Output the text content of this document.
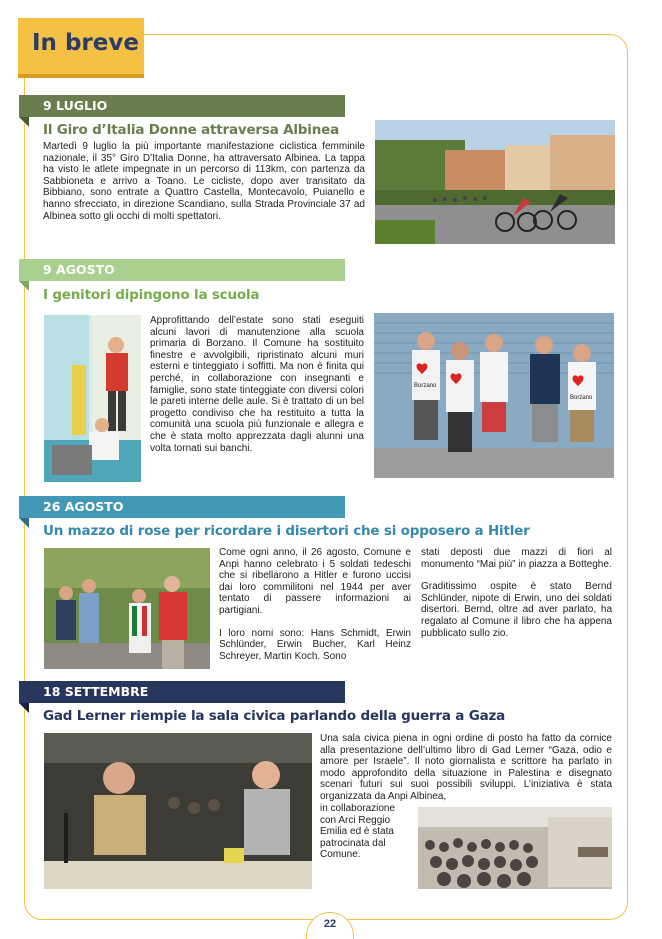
In breve
9 LUGLIO
Il Giro d’Italia Donne attraversa Albinea

Martedì 9 luglio la più importante manifestazione ciclistica femminile nazionale, il 35° Giro D’Italia Donne, ha attraversato Albinea. La tappa ha visto le atlete impegnate in un percorso di 113km, con partenza da Sabbioneta e arrivo a Toano. Le cicliste, dopo aver transitato da Bibbiano, sono entrate a Quattro Castella, Montecavolo, Puianello e hanno sfrecciato, in direzione Scandiano, sulla Strada Provinciale 37 ad Albinea sotto gli occhi di molti spettatori.

9 AGOSTO
I genitori dipingono la scuola

Approfittando dell’estate sono stati eseguiti alcuni lavori di manutenzione alla scuola primaria di Borzano. Il Comune ha sostituito finestre e avvolgibili, ripristinato alcuni muri esterni e tinteggiato i soffitti. Ma non è finita qui perché, in collaborazione con insegnanti e famiglie, sono state tinteggiate con diversi colori le pareti interne delle aule. Si è trattato di un bel progetto condiviso che ha restituito a tutta la comunità una scuola più funzionale e allegra e che è stata molto apprezzata dagli alunni una volta tornati sui banchi.

Borzano
Borzano
26 AGOSTO
Un mazzo di rose per ricordare i disertori che si opposero a Hitler

Come ogni anno, il 26 agosto, Comune e Anpi hanno celebrato i 5 soldati tedeschi che si ribellarono a Hitler e furono uccisi dai loro commilitoni nel 1944 per aver tentato di passere informazioni ai partigiani.

I loro nomi sono: Hans Schmidt, Erwin Schlünder, Erwin Bucher, Karl Heinz Schreyer, Martin Koch. Sono

stati deposti due mazzi di fiori al monumento “Mai più” in piazza a Botteghe.

Graditissimo ospite è stato Bernd Schlünder, nipote di Erwin, uno dei soldati disertori. Bernd, oltre ad aver parlato, ha regalato al Comune il libro che ha appena pubblicato sullo zio.

18 SETTEMBRE
Gad Lerner riempie la sala civica parlando della guerra a Gaza

Una sala civica piena in ogni ordine di posto ha fatto da cornice alla presentazione dell’ultimo libro di Gad Lerner “Gaza, odio e amore per Israele”. Il noto giornalista e scrittore ha parlato in modo approfondito della situazione in Palestina e disegnato scenari futuri sui suoi possibili sviluppi. L’iniziativa è stata organizzata da Anpi Albinea,

in collaborazione con Arci Reggio Emilia ed è stata patrocinata dal Comune.

22
